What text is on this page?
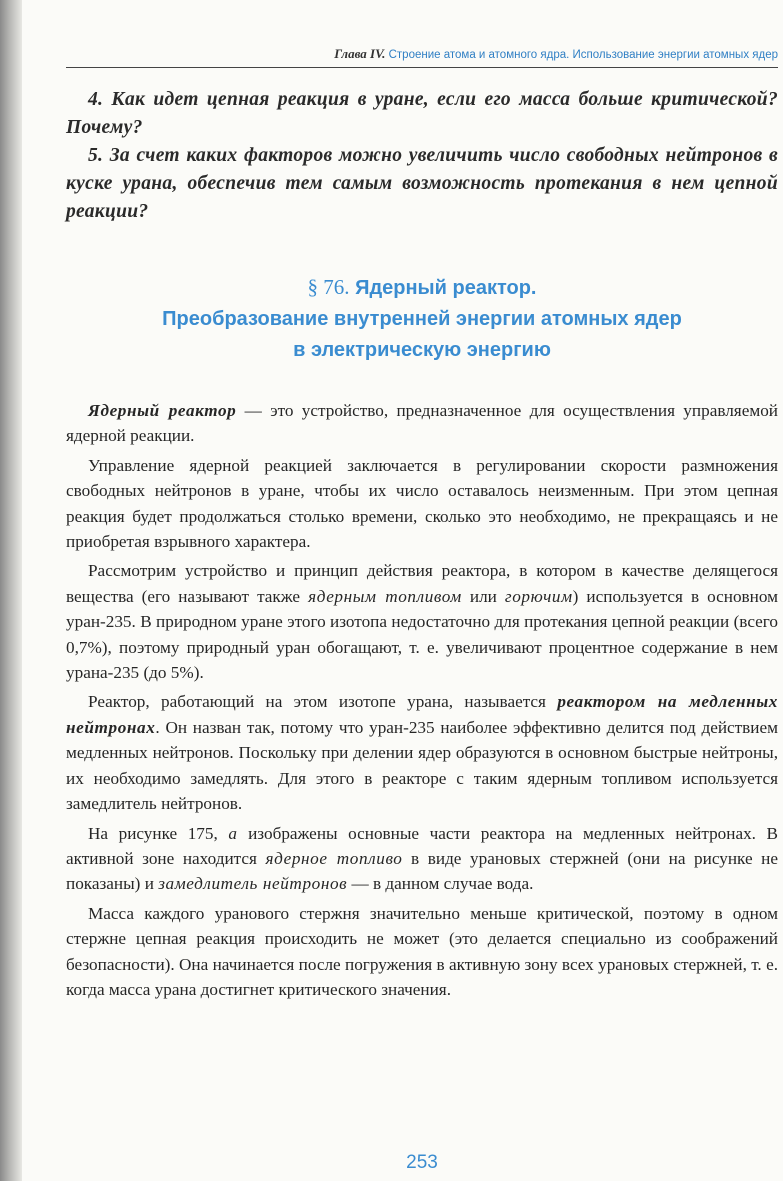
Глава IV. Строение атома и атомного ядра. Использование энергии атомных ядер

4. Как идет цепная реакция в уране, если его масса больше критической? Почему?

5. За счет каких факторов можно увеличить число свободных нейтронов в куске урана, обеспечив тем самым возможность протекания в нем цепной реакции?

§ 76. Ядерный реактор.
Преобразование внутренней энергии атомных ядер
в электрическую энергию

Ядерный реактор — это устройство, предназначенное для осуществления управляемой ядерной реакции.

Управление ядерной реакцией заключается в регулировании скорости размножения свободных нейтронов в уране, чтобы их число оставалось неизменным. При этом цепная реакция будет продолжаться столько времени, сколько это необходимо, не прекращаясь и не приобретая взрывного характера.

Рассмотрим устройство и принцип действия реактора, в котором в качестве делящегося вещества (его называют также ядерным топливом или горючим) используется в основном уран-235. В природном уране этого изотопа недостаточно для протекания цепной реакции (всего 0,7%), поэтому природный уран обогащают, т. е. увеличивают процентное содержание в нем урана-235 (до 5%).

Реактор, работающий на этом изотопе урана, называется реактором на медленных нейтронах. Он назван так, потому что уран-235 наиболее эффективно делится под действием медленных нейтронов. Поскольку при делении ядер образуются в основном быстрые нейтроны, их необходимо замедлять. Для этого в реакторе с таким ядерным топливом используется замедлитель нейтронов.

На рисунке 175, а изображены основные части реактора на медленных нейтронах. В активной зоне находится ядерное топливо в виде урановых стержней (они на рисунке не показаны) и замедлитель нейтронов — в данном случае вода.

Масса каждого уранового стержня значительно меньше критической, поэтому в одном стержне цепная реакция происходить не может (это делается специально из соображений безопасности). Она начинается после погружения в активную зону всех урановых стержней, т. е. когда масса урана достигнет критического значения.

253
